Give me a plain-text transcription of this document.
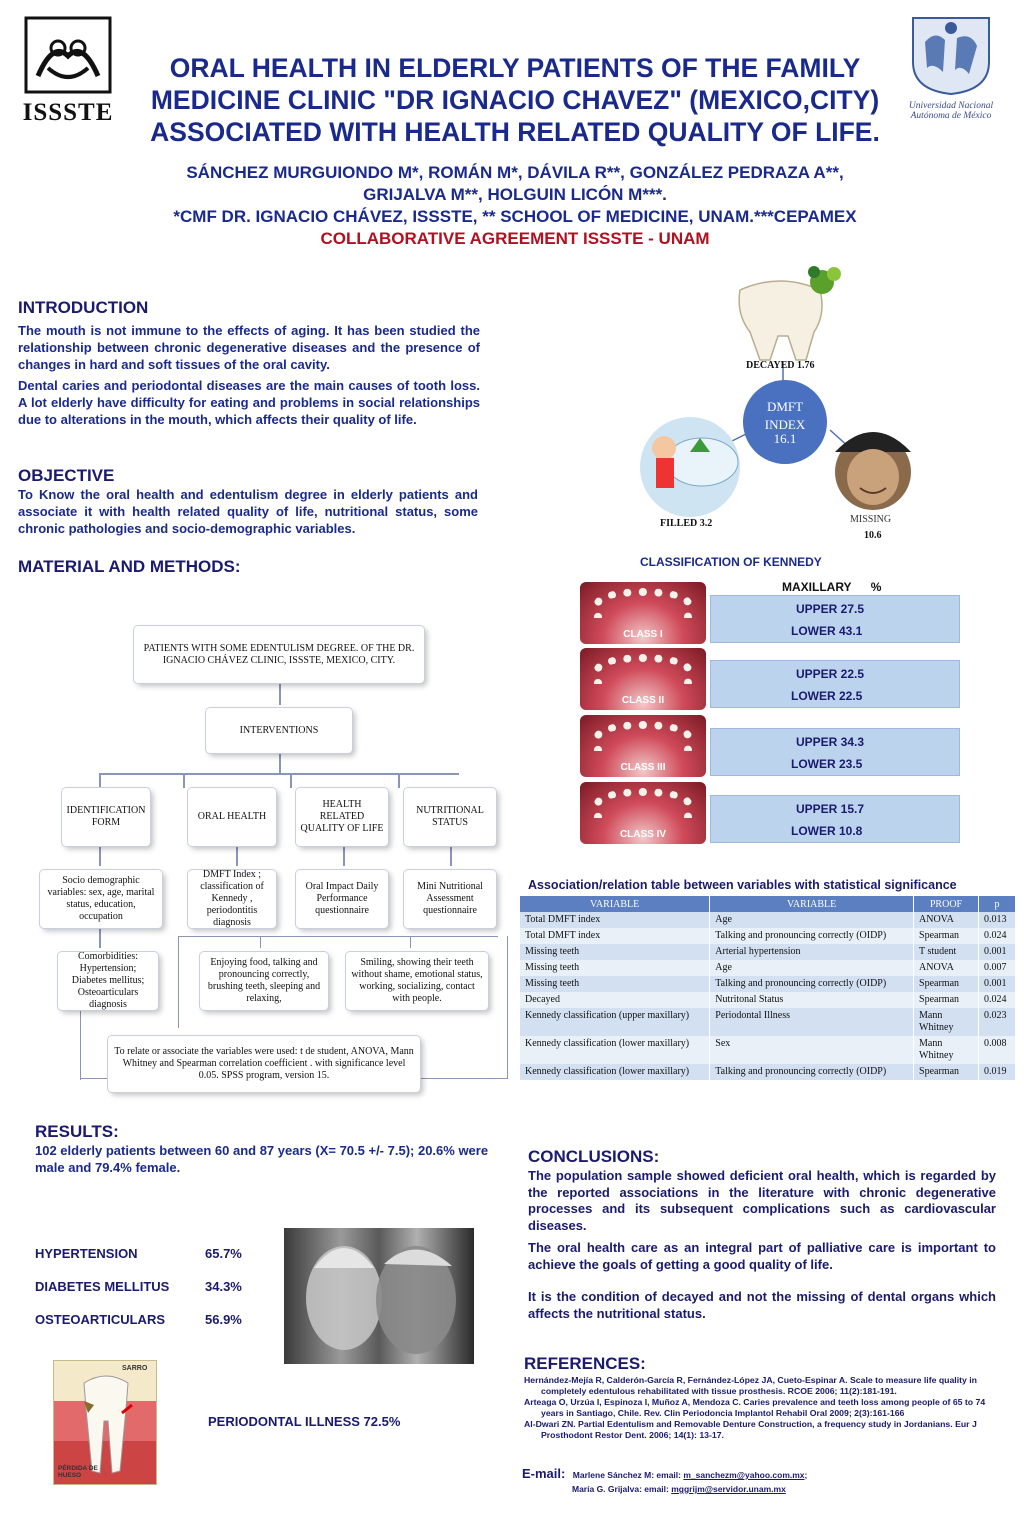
ISSSTE	Universidad Nacional Autónoma de México
ORAL HEALTH IN ELDERLY PATIENTS OF THE FAMILY MEDICINE CLINIC "DR IGNACIO CHAVEZ" (MEXICO,CITY) ASSOCIATED WITH HEALTH RELATED QUALITY OF LIFE.
SÁNCHEZ MURGUIONDO M*, ROMÁN M*, DÁVILA R**, GONZÁLEZ PEDRAZA A**,
GRIJALVA M**, HOLGUIN LICÓN M***.
*CMF DR. IGNACIO CHÁVEZ, ISSSTE, ** SCHOOL OF MEDICINE, UNAM.***CEPAMEX
COLLABORATIVE AGREEMENT ISSSTE - UNAM
INTRODUCTION

The mouth is not immune to the effects of aging. It has been studied the relationship between chronic degenerative diseases and the presence of changes in hard and soft tissues of the oral cavity.

Dental caries and periodontal diseases are the main causes of tooth loss. A lot elderly have difficulty for eating and problems in social relationships due to alterations in the mouth, which affects their quality of life.

OBJECTIVE

To Know the oral health and edentulism degree in elderly patients and associate it with health related quality of life, nutritional status, some chronic pathologies and socio-demographic variables.

MATERIAL AND METHODS:
PATIENTS WITH SOME EDENTULISM DEGREE. OF THE DR. IGNACIO CHÁVEZ CLINIC, ISSSTE, MEXICO, CITY.
INTERVENTIONS
IDENTIFICATION FORM
ORAL HEALTH
HEALTH RELATED QUALITY OF LIFE
NUTRITIONAL STATUS
Socio demographic variables: sex, age, marital status, education, occupation
DMFT Index ; classification of Kennedy , periodontitis diagnosis
Oral Impact Daily Performance questionnaire
Mini Nutritional Assessment questionnaire
Comorbidities: Hypertension; Diabetes mellitus; Osteoarticulars diagnosis
Enjoying food, talking and pronouncing correctly, brushing teeth, sleeping and relaxing,
Smiling, showing their teeth without shame, emotional status, working, socializing, contact with people.
To relate or associate the variables were used: t de student, ANOVA, Mann Whitney and Spearman correlation coefficient . with significance level 0.05. SPSS program, version 15.
RESULTS:

102 elderly patients between 60 and 87 years (X= 70.5 +/- 7.5); 20.6% were male and 79.4% female.

HYPERTENSION	65.7%
DIABETES MELLITUS	34.3%
OSTEOARTICULARS	56.9%
SARRO
PÉRDIDA DE HUESO
PERIODONTAL ILLNESS 72.5%
DECAYED 1.76
DMFT
INDEX
16.1
FILLED 3.2	MISSING
10.6
CLASSIFICATION OF KENNEDY
MAXILLARY %
CLASS I
UPPER 27.5
LOWER 43.1
CLASS II
UPPER 22.5
LOWER 22.5
CLASS III
UPPER 34.3
LOWER 23.5
CLASS IV
UPPER 15.7
LOWER 10.8
Association/relation table between variables with statistical significance
VARIABLE	VARIABLE	PROOF	p
Total DMFT index	Age	ANOVA	0.013
Total DMFT index	Talking and pronouncing correctly (OIDP)	Spearman	0.024
Missing teeth	Arterial hypertension	T student	0.001
Missing teeth	Age	ANOVA	0.007
Missing teeth	Talking and pronouncing correctly (OIDP)	Spearman	0.001
Decayed	Nutritonal Status	Spearman	0.024
Kennedy classification (upper maxillary)	Periodontal Illness	Mann Whitney	0.023
Kennedy classification (lower maxillary)	Sex	Mann Whitney	0.008
Kennedy classification (lower maxillary)	Talking and pronouncing correctly (OIDP)	Spearman	0.019
CONCLUSIONS:

The population sample showed deficient oral health, which is regarded by the reported associations in the literature with chronic degenerative processes and its subsequent complications such as cardiovascular diseases.

The oral health care as an integral part of palliative care is important to achieve the goals of getting a good quality of life.

It is the condition of decayed and not the missing of dental organs which affects the nutritional status.

REFERENCES:
Hernández-Mejía R, Calderón-García R, Fernández-López JA, Cueto-Espinar A. Scale to measure life quality in completely edentulous rehabilitated with tissue prosthesis. RCOE 2006; 11(2):181-191.
Arteaga O, Urzúa I, Espinoza I, Muñoz A, Mendoza C. Caries prevalence and teeth loss among people of 65 to 74 years in Santiago, Chile. Rev. Clin Periodoncia Implantol Rehabil Oral 2009; 2(3):161-166
Al-Dwari ZN. Partial Edentulism and Removable Denture Construction, a frequency study in Jordanians. Eur J Prosthodont Restor Dent. 2006; 14(1): 13-17.
E-mail: Marlene Sánchez M: email: m_sanchezm@yahoo.com.mx;
María G. Grijalva: email: mggrijm@servidor.unam.mx
